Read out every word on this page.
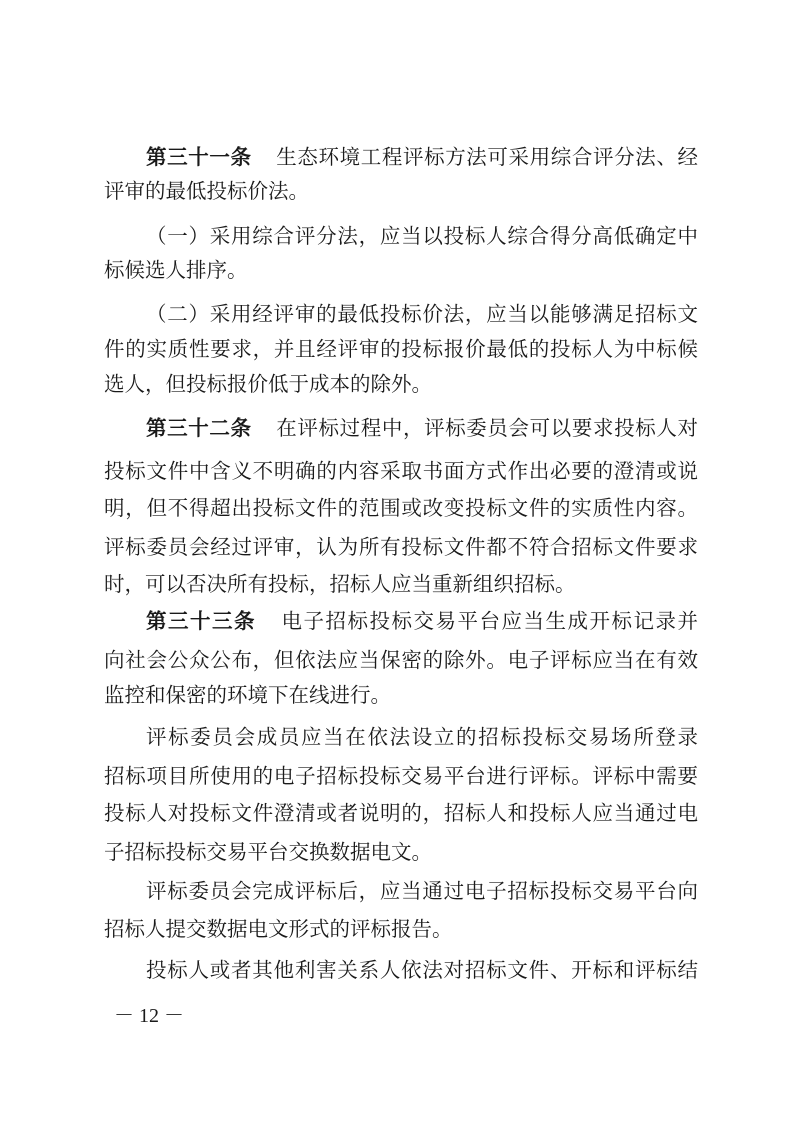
第三十一条 生态环境工程评标方法可采用综合评分法、经
评审的最低投标价法。
（一）采用综合评分法，应当以投标人综合得分高低确定中
标候选人排序。
（二）采用经评审的最低投标价法，应当以能够满足招标文
件的实质性要求，并且经评审的投标报价最低的投标人为中标候
选人，但投标报价低于成本的除外。
第三十二条 在评标过程中，评标委员会可以要求投标人对
投标文件中含义不明确的内容采取书面方式作出必要的澄清或说
明，但不得超出投标文件的范围或改变投标文件的实质性内容。
评标委员会经过评审，认为所有投标文件都不符合招标文件要求
时，可以否决所有投标，招标人应当重新组织招标。
第三十三条 电子招标投标交易平台应当生成开标记录并
向社会公众公布，但依法应当保密的除外。电子评标应当在有效
监控和保密的环境下在线进行。
评标委员会成员应当在依法设立的招标投标交易场所登录
招标项目所使用的电子招标投标交易平台进行评标。评标中需要
投标人对投标文件澄清或者说明的，招标人和投标人应当通过电
子招标投标交易平台交换数据电文。
评标委员会完成评标后，应当通过电子招标投标交易平台向
招标人提交数据电文形式的评标报告。
投标人或者其他利害关系人依法对招标文件、开标和评标结
－ 12 －
